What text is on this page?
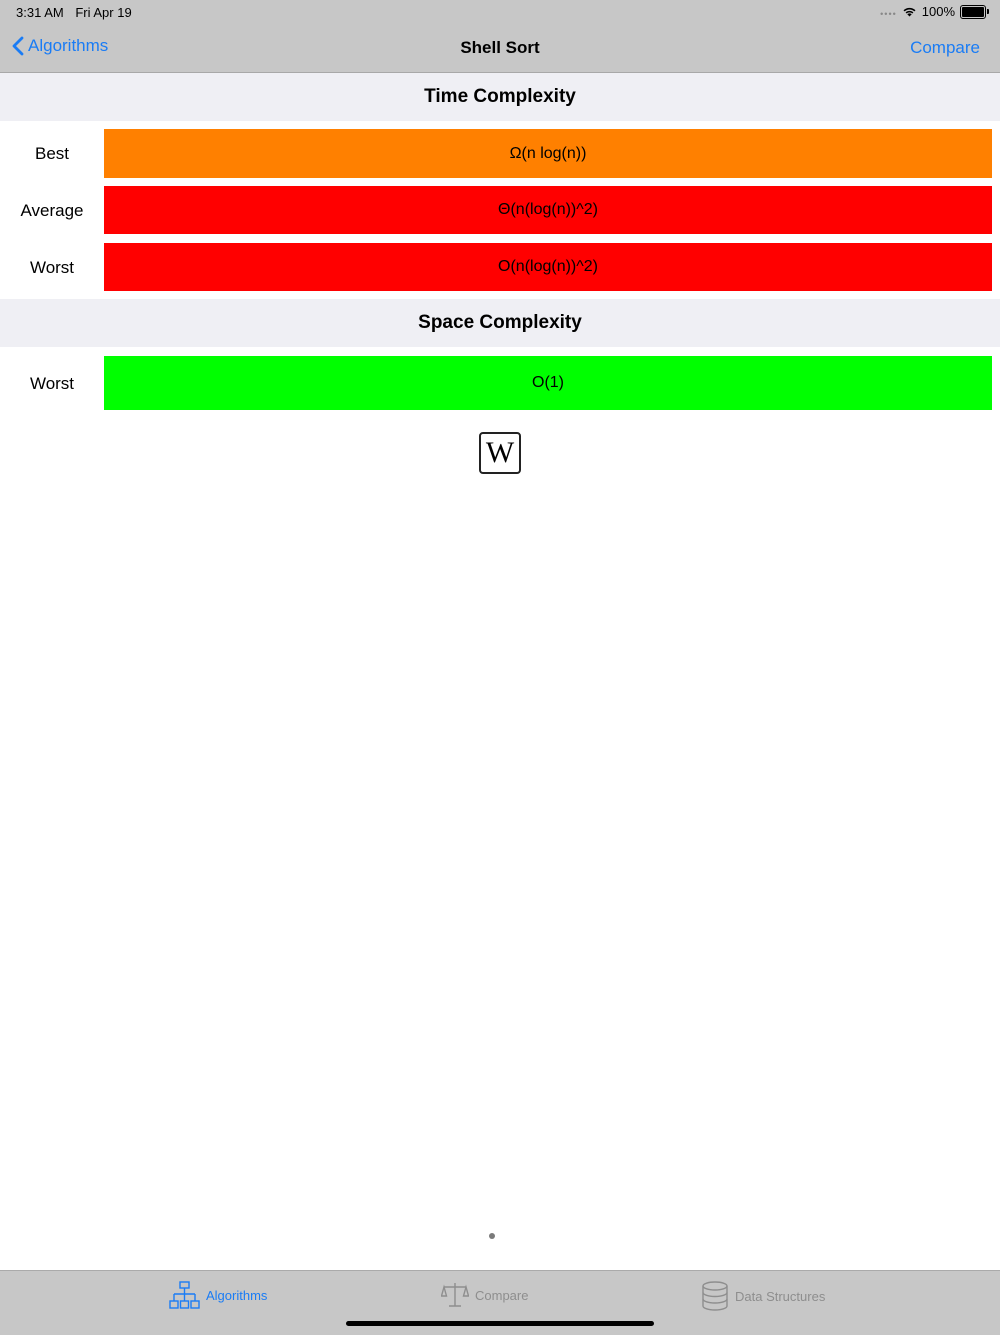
3:31 AM Fri Apr 19	•••• 100%
Algorithms	Shell Sort	Compare
Time Complexity
Best	Ω(n log(n))
Average	Θ(n(log(n))^2)
Worst	O(n(log(n))^2)
Space Complexity
Worst	O(1)
W
Algorithms	Compare	Data Structures
